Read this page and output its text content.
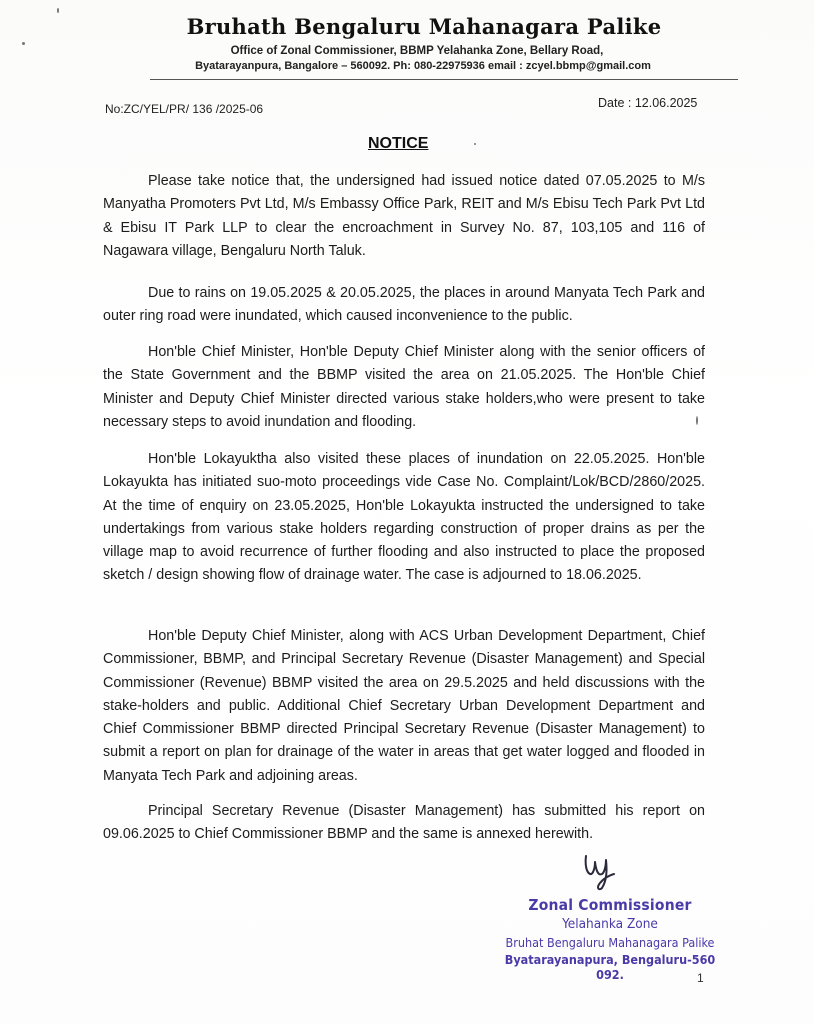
Bruhath Bengaluru Mahanagara Palike
Office of Zonal Commissioner, BBMP Yelahanka Zone, Bellary Road,
Byatarayanpura, Bangalore – 560092. Ph: 080-22975936 email : zcyel.bbmp@gmail.com
No:ZC/YEL/PR/ 136 /2025-06	Date : 12.06.2025
NOTICE

Please take notice that, the undersigned had issued notice dated 07.05.2025 to M/s Manyatha Promoters Pvt Ltd, M/s Embassy Office Park, REIT and M/s Ebisu Tech Park Pvt Ltd & Ebisu IT Park LLP to clear the encroachment in Survey No. 87, 103,105 and 116 of Nagawara village, Bengaluru North Taluk.

Due to rains on 19.05.2025 & 20.05.2025, the places in around Manyata Tech Park and outer ring road were inundated, which caused inconvenience to the public.

Hon'ble Chief Minister, Hon'ble Deputy Chief Minister along with the senior officers of the State Government and the BBMP visited the area on 21.05.2025. The Hon'ble Chief Minister and Deputy Chief Minister directed various stake holders,who were present to take necessary steps to avoid inundation and flooding.

Hon'ble Lokayuktha also visited these places of inundation on 22.05.2025. Hon'ble Lokayukta has initiated suo-moto proceedings vide Case No. Complaint/Lok/BCD/2860/2025. At the time of enquiry on 23.05.2025, Hon'ble Lokayukta instructed the undersigned to take undertakings from various stake holders regarding construction of proper drains as per the village map to avoid recurrence of further flooding and also instructed to place the proposed sketch / design showing flow of drainage water. The case is adjourned to 18.06.2025.

Hon'ble Deputy Chief Minister, along with ACS Urban Development Department, Chief Commissioner, BBMP, and Principal Secretary Revenue (Disaster Management) and Special Commissioner (Revenue) BBMP visited the area on 29.5.2025 and held discussions with the stake-holders and public. Additional Chief Secretary Urban Development Department and Chief Commissioner BBMP directed Principal Secretary Revenue (Disaster Management) to submit a report on plan for drainage of the water in areas that get water logged and flooded in Manyata Tech Park and adjoining areas.

Principal Secretary Revenue (Disaster Management) has submitted his report on 09.06.2025 to Chief Commissioner BBMP and the same is annexed herewith.

Zonal Commissioner
Yelahanka Zone
Bruhat Bengaluru Mahanagara Palike
Byatarayanapura, Bengaluru-560 092.	1
